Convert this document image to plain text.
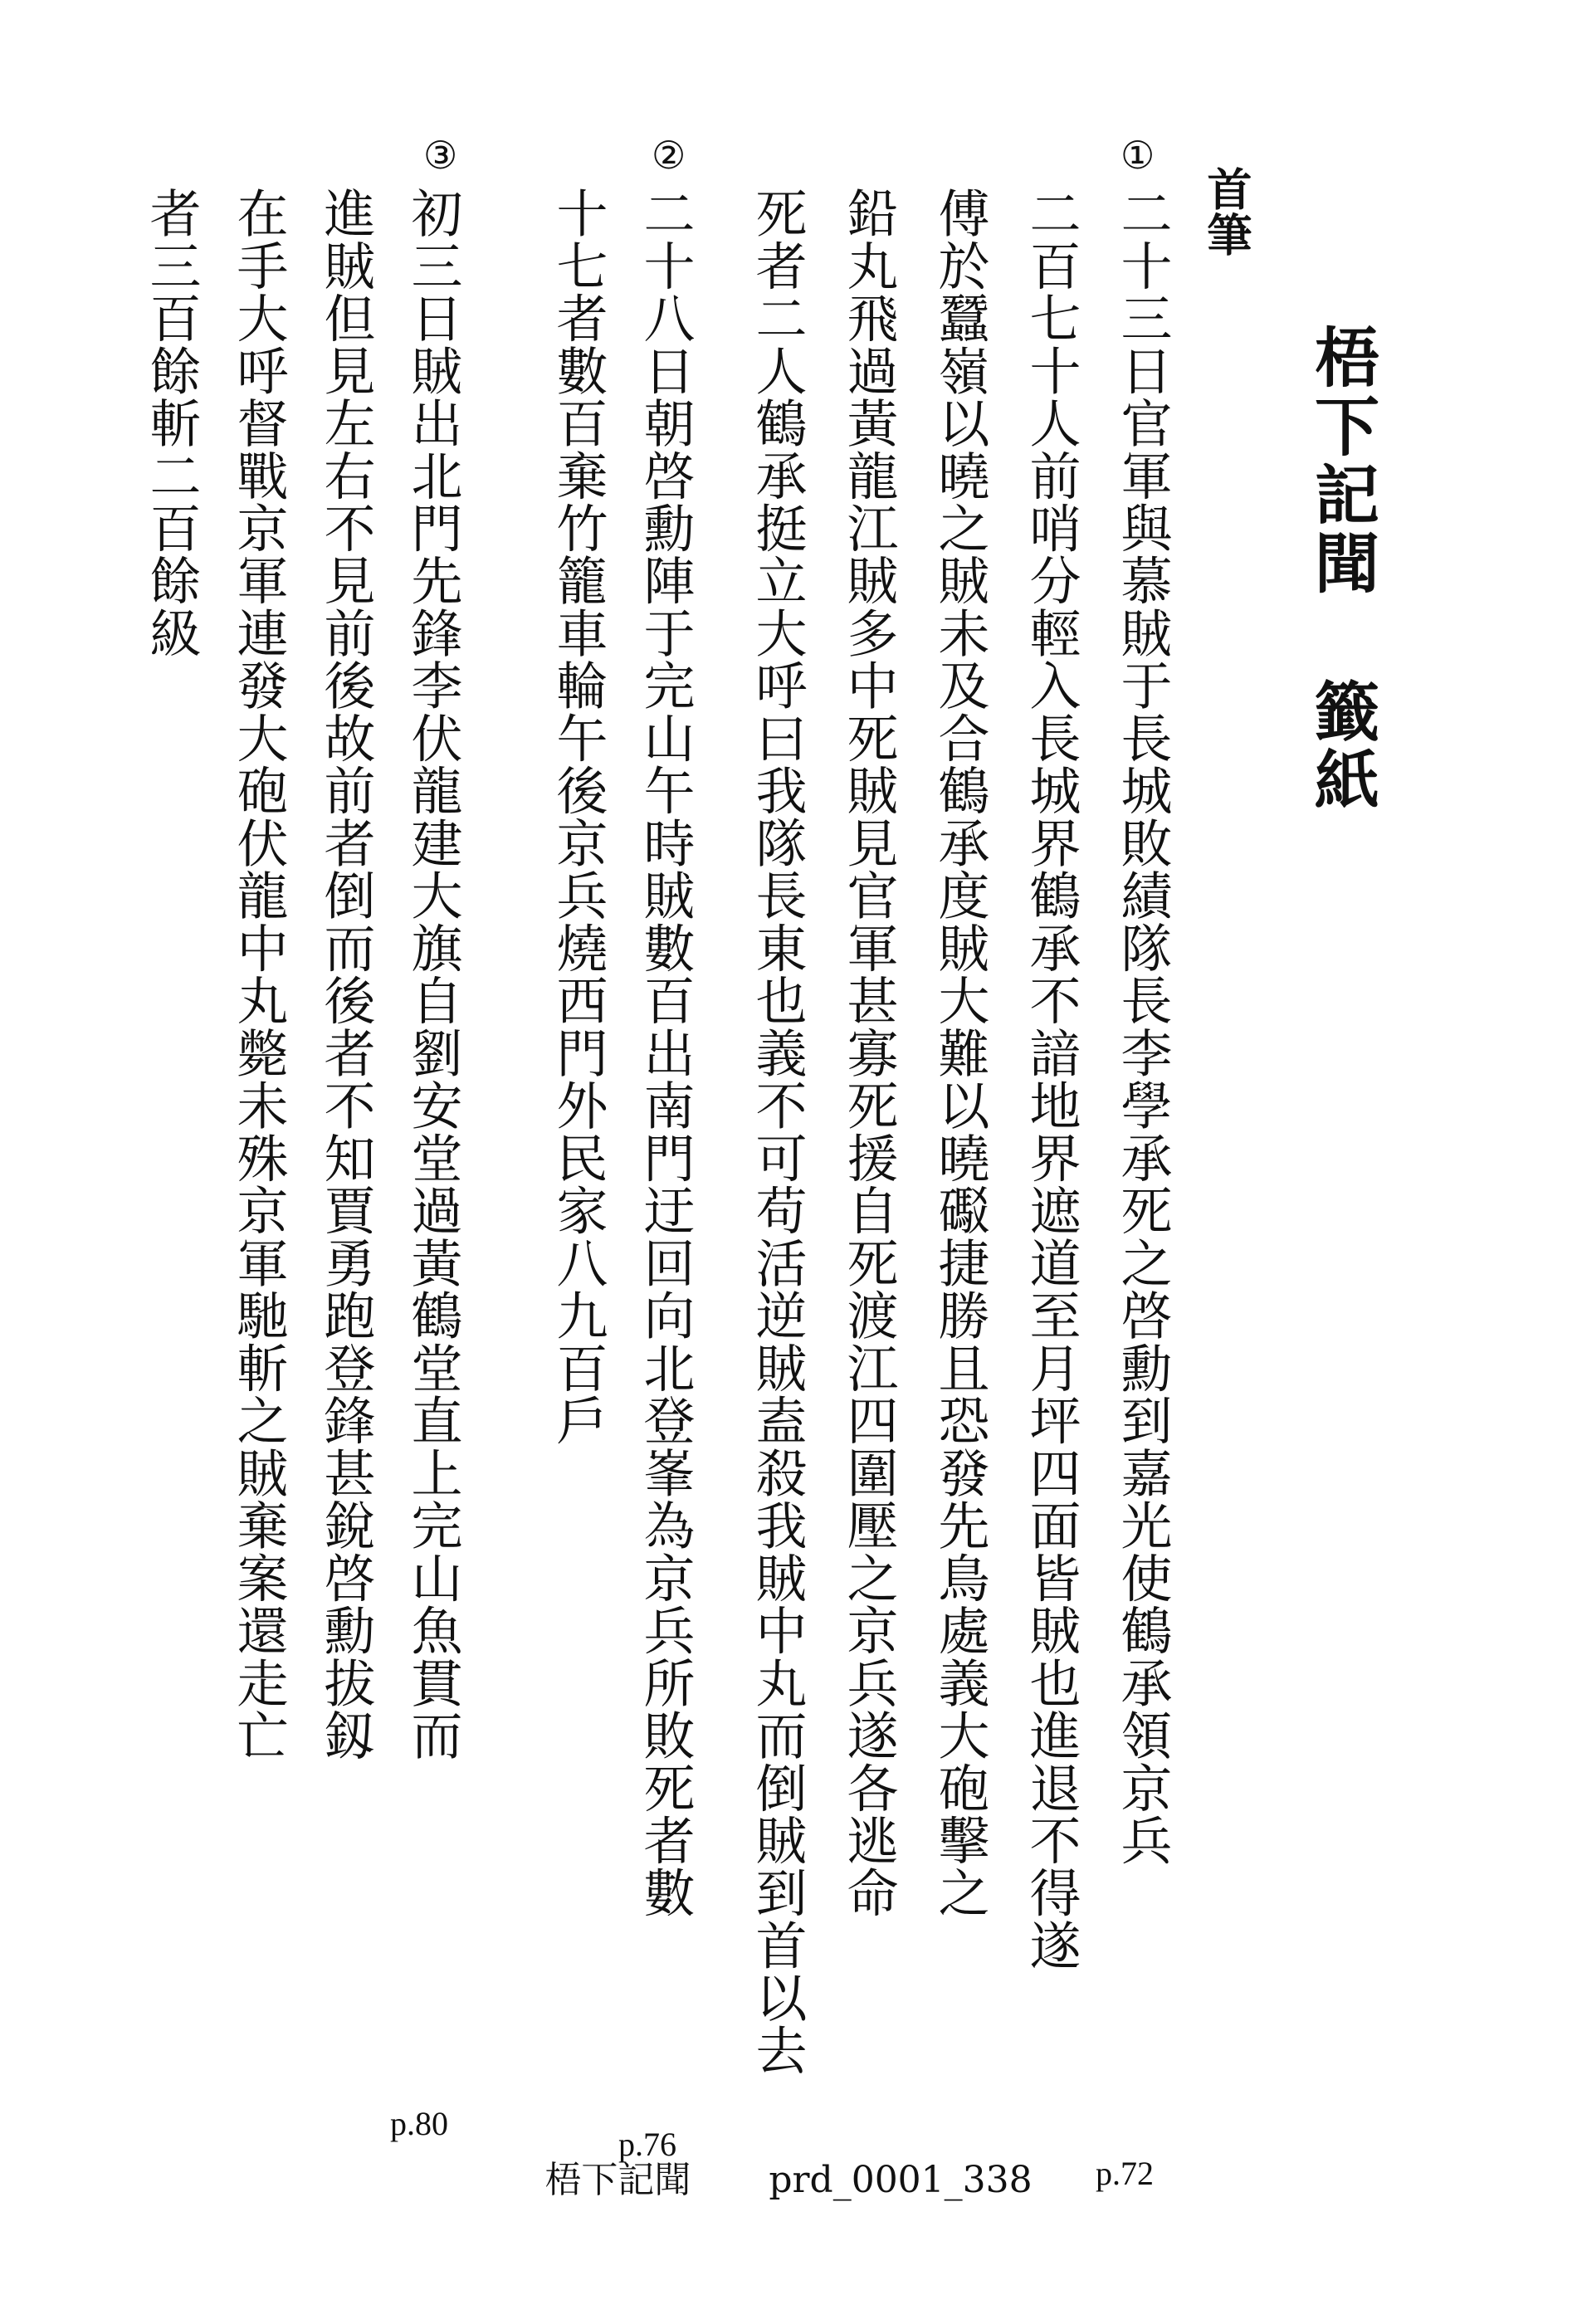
梧下記聞 籤紙
首筆
①
二十三日官軍與慕賊于長城敗績隊長李學承死之啓勳到嘉光使鶴承領京兵
二百七十人前哨分輕入長城界鶴承不諳地界遮道至月坪四面皆賊也進退不得遂
傅於蠶嶺以曉之賊未及合鶴承度賊大難以曉礟捷勝且恐發先鳥處義大砲擊之
鉛丸飛過黃龍江賊多中死賊見官軍甚寡死援自死渡江四圍壓之京兵遂各逃命
死者二人鶴承挺立大呼曰我隊長東也義不可苟活逆賊盍殺我賊中丸而倒賊到首以去
p.72
②
二十八日朝啓勳陣于完山午時賊數百出南門迂回向北登峯為京兵所敗死者數
十七者數百棄竹籠車輪午後京兵燒西門外民家八九百戶
p.76
③
初三日賊出北門先鋒李伏龍建大旗自劉安堂過黃鶴堂直上完山魚貫而
進賊但見左右不見前後故前者倒而後者不知賈勇跑登鋒甚銳啓勳拔釼
在手大呼督戰京軍連發大砲伏龍中丸斃未殊京軍馳斬之賊棄案還走亡
者三百餘斬二百餘級
p.80
梧下記聞 prd_0001_338
